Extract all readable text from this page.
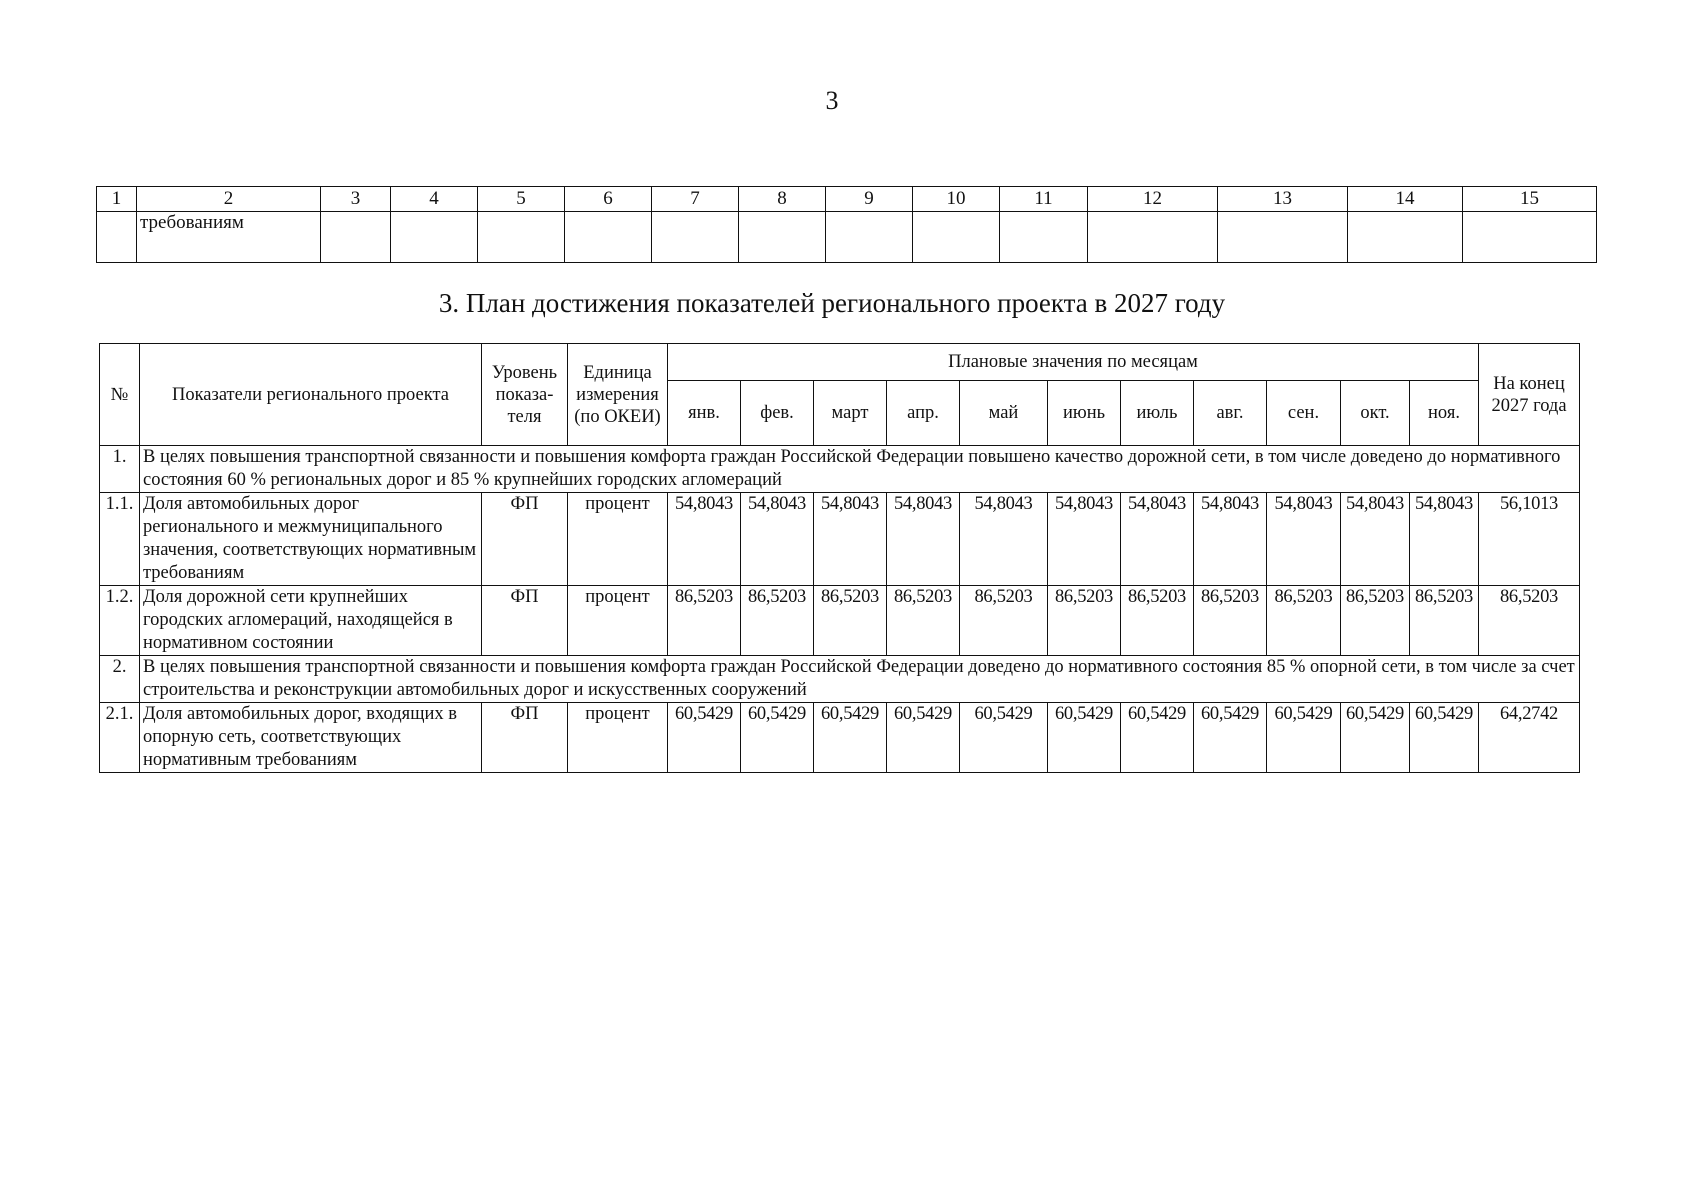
3
1	2	3	4	5	6	7	8	9	10	11	12	13	14	15
	требованиям													
3. План достижения показателей регионального проекта в 2027 году
№	Показатели регионального проекта	Уровень показа-теля	Единица измерения (по ОКЕИ)	Плановые значения по месяцам											На конец 2027 года
				янв.	фев.	март	апр.	май	июнь	июль	авг.	сен.	окт.	ноя.	
1.	В целях повышения транспортной связанности и повышения комфорта граждан Российской Федерации повышено качество дорожной сети, в том числе доведено до нормативного состояния 60 % региональных дорог и 85 % крупнейших городских агломераций														
1.1.	Доля автомобильных дорог регионального и межмуниципального значения, соответствующих нормативным требованиям	ФП	процент	54,8043	54,8043	54,8043	54,8043	54,8043	54,8043	54,8043	54,8043	54,8043	54,8043	54,8043	56,1013
1.2.	Доля дорожной сети крупнейших городских агломераций, находящейся в нормативном состоянии	ФП	процент	86,5203	86,5203	86,5203	86,5203	86,5203	86,5203	86,5203	86,5203	86,5203	86,5203	86,5203	86,5203
2.	В целях повышения транспортной связанности и повышения комфорта граждан Российской Федерации доведено до нормативного состояния 85 % опорной сети, в том числе за счет строительства и реконструкции автомобильных дорог и искусственных сооружений														
2.1.	Доля автомобильных дорог, входящих в опорную сеть, соответствующих нормативным требованиям	ФП	процент	60,5429	60,5429	60,5429	60,5429	60,5429	60,5429	60,5429	60,5429	60,5429	60,5429	60,5429	64,2742
